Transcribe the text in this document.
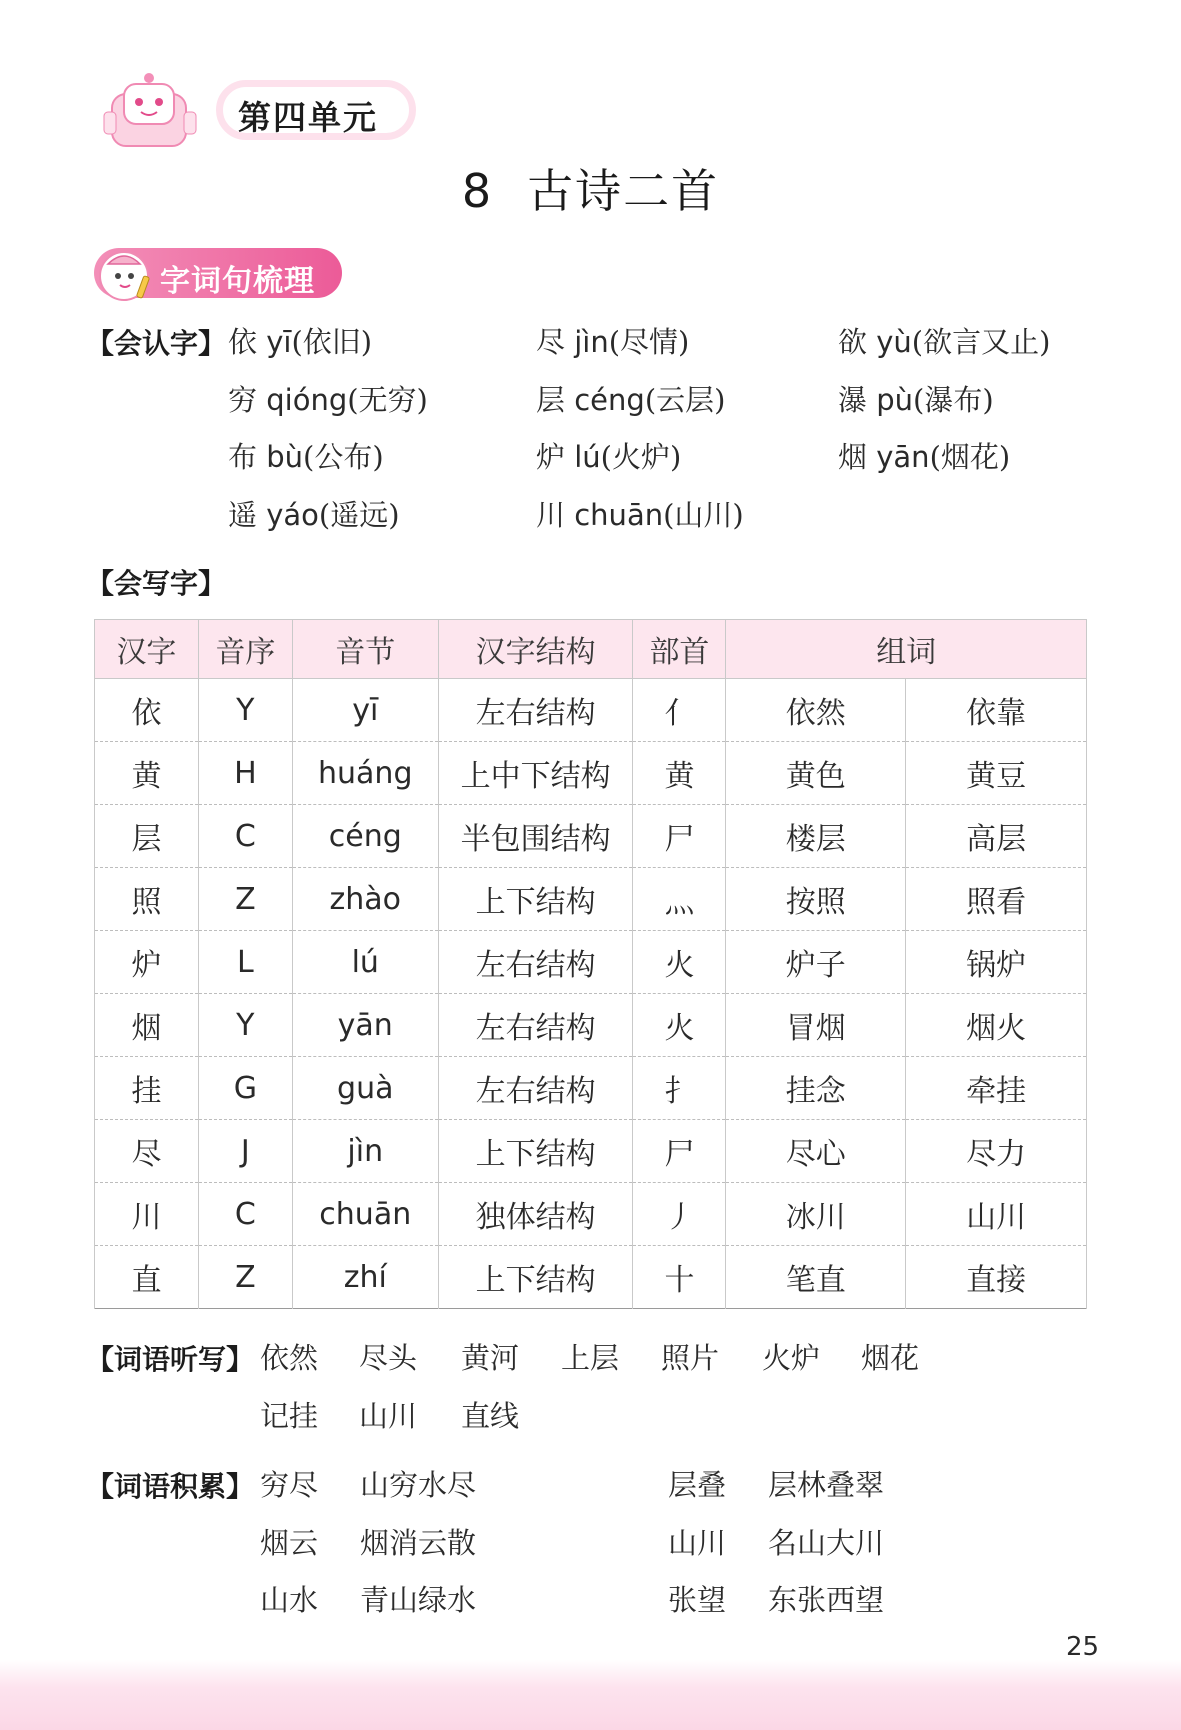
第四单元
8 古诗二首
字词句梳理
【会认字】 依 yī(依旧)	尽 jìn(尽情)	欲 yù(欲言又止)
穷 qióng(无穷)	层 céng(云层)	瀑 pù(瀑布)
布 bù(公布)	炉 lú(火炉)	烟 yān(烟花)
遥 yáo(遥远)	川 chuān(山川)
【会写字】
汉字	音序	音节	汉字结构	部首	组词	
依	Y	yī	左右结构	亻	依然	依靠
黄	H	huáng	上中下结构	黄	黄色	黄豆
层	C	céng	半包围结构	尸	楼层	高层
照	Z	zhào	上下结构	灬	按照	照看
炉	L	lú	左右结构	火	炉子	锅炉
烟	Y	yān	左右结构	火	冒烟	烟火
挂	G	guà	左右结构	扌	挂念	牵挂
尽	J	jìn	上下结构	尸	尽心	尽力
川	C	chuān	独体结构	丿	冰川	山川
直	Z	zhí	上下结构	十	笔直	直接
【词语听写】 依然 尽头 黄河 上层 照片 火炉 烟花
记挂 山川 直线
【词语积累】 穷尽 山穷水尽	层叠 层林叠翠
烟云 烟消云散	山川 名山大川
山水 青山绿水	张望 东张西望
25
